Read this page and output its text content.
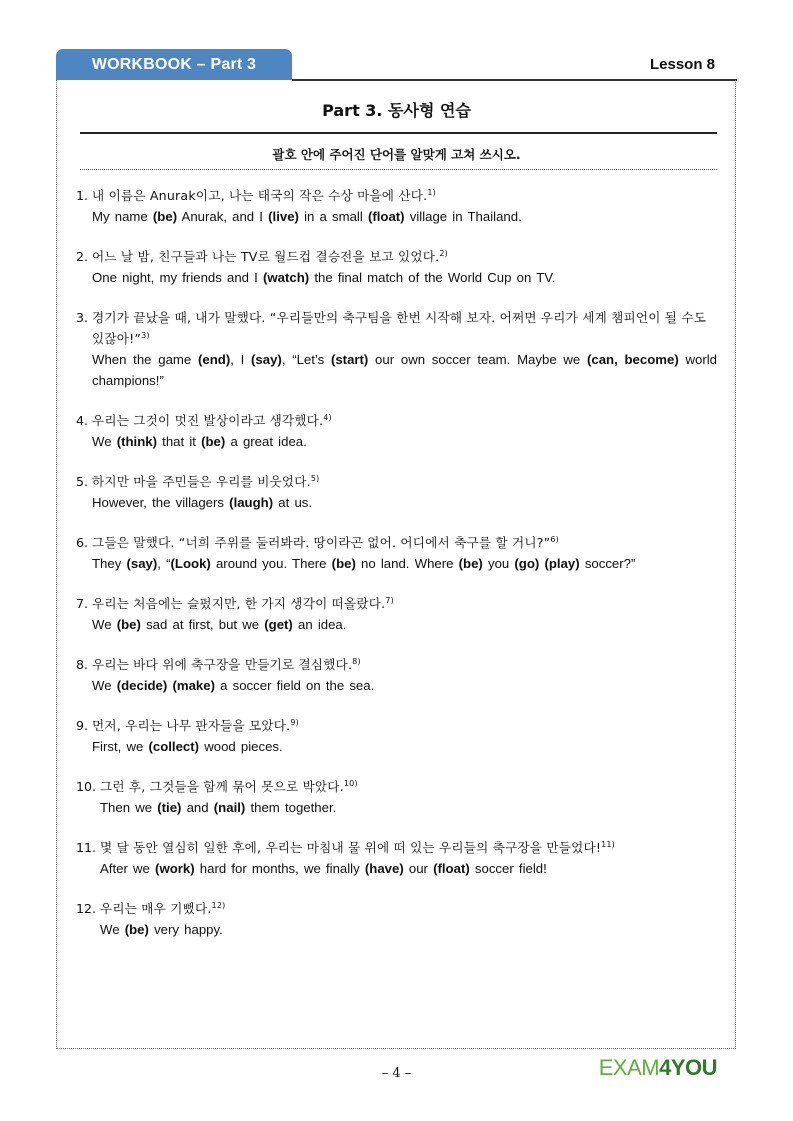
WORKBOOK – Part 3	Lesson 8
Part 3. 동사형 연습
괄호 안에 주어진 단어를 알맞게 고쳐 쓰시오.
1. 내 이름은 Anurak이고, 나는 태국의 작은 수상 마을에 산다.$^{1)}$
My name (be) Anurak, and I (live) in a small (float) village in Thailand.
2. 어느 날 밤, 친구들과 나는 TV로 월드컵 결승전을 보고 있었다.$^{2)}$
One night, my friends and I (watch) the final match of the World Cup on TV.
3. 경기가 끝났을 때, 내가 말했다. “우리들만의 축구팀을 한번 시작해 보자. 어쩌면 우리가 세계 챔피언이 될 수도 있잖아!”$^{3)}$
When the game (end), I (say), “Let’s (start) our own soccer team. Maybe we (can, become) world champions!”
4. 우리는 그것이 멋진 발상이라고 생각했다.$^{4)}$
We (think) that it (be) a great idea.
5. 하지만 마을 주민들은 우리를 비웃었다.$^{5)}$
However, the villagers (laugh) at us.
6. 그들은 말했다. “너희 주위를 둘러봐라. 땅이라곤 없어. 어디에서 축구를 할 거니?”$^{6)}$
They (say), “(Look) around you. There (be) no land. Where (be) you (go) (play) soccer?”
7. 우리는 처음에는 슬펐지만, 한 가지 생각이 떠올랐다.$^{7)}$
We (be) sad at first, but we (get) an idea.
8. 우리는 바다 위에 축구장을 만들기로 결심했다.$^{8)}$
We (decide) (make) a soccer field on the sea.
9. 먼저, 우리는 나무 판자들을 모았다.$^{9)}$
First, we (collect) wood pieces.
10. 그런 후, 그것들을 함께 묶어 못으로 박았다.$^{10)}$
Then we (tie) and (nail) them together.
11. 몇 달 동안 열심히 일한 후에, 우리는 마침내 물 위에 떠 있는 우리들의 축구장을 만들었다!$^{11)}$
After we (work) hard for months, we finally (have) our (float) soccer field!
12. 우리는 매우 기뻤다.$^{12)}$
We (be) very happy.
– 4 –	EXAM4YOU
